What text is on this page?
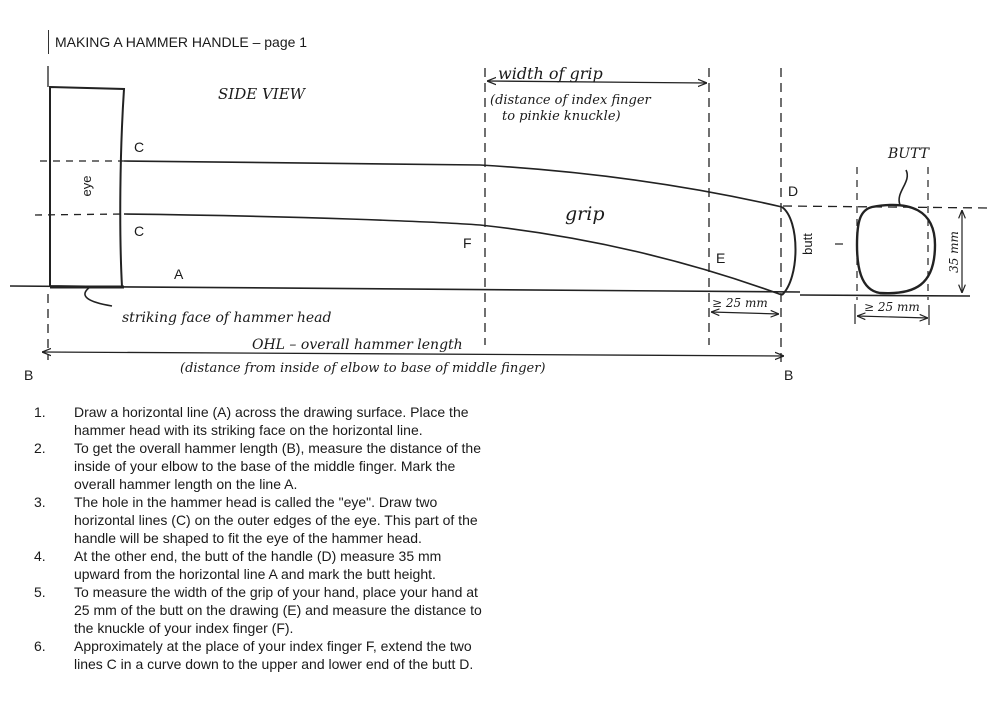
MAKING A HAMMER HANDLE – page 1
C
C
A
F
E
D
B	B
eye
butt
SIDE VIEW
width of grip
(distance of index finger
to pinkie knuckle)
grip
BUTT
striking face of hammer head
OHL – overall hammer length
(distance from inside of elbow to base of middle finger)
≥ 25 mm	≥ 25 mm
35 mm
1. Draw a horizontal line (A) across the drawing surface. Place the hammer head with its striking face on the horizontal line.
2. To get the overall hammer length (B), measure the distance of the inside of your elbow to the base of the middle finger. Mark the overall hammer length on the line A.
3. The hole in the hammer head is called the "eye". Draw two horizontal lines (C) on the outer edges of the eye. This part of the handle will be shaped to fit the eye of the hammer head.
4. At the other end, the butt of the handle (D) measure 35 mm upward from the horizontal line A and mark the butt height.
5. To measure the width of the grip of your hand, place your hand at 25 mm of the butt on the drawing (E) and measure the distance to the knuckle of your index finger (F).
6. Approximately at the place of your index finger F, extend the two lines C in a curve down to the upper and lower end of the butt D.
